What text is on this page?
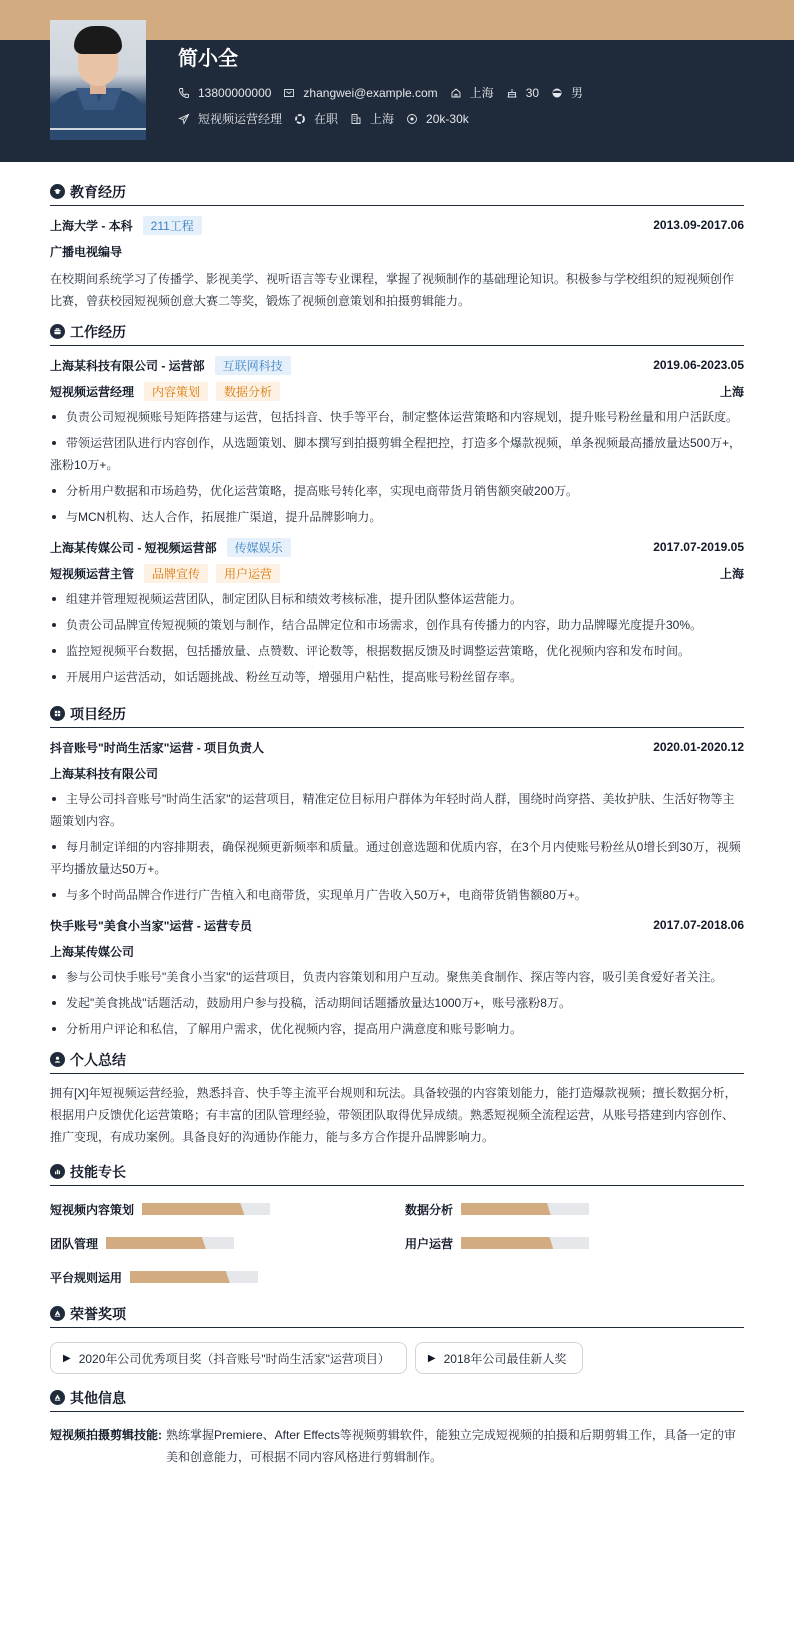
简小全
13800000000	zhangwei@example.com	上海	30	男
短视频运营经理	在职	上海	20k-30k
教育经历
上海大学 - 本科	211工程	2013.09-2017.06
广播电视编导
在校期间系统学习了传播学、影视美学、视听语言等专业课程，掌握了视频制作的基础理论知识。积极参与学校组织的短视频创作比赛，曾获校园短视频创意大赛二等奖，锻炼了视频创意策划和拍摄剪辑能力。
工作经历
上海某科技有限公司 - 运营部	互联网科技	2019.06-2023.05
短视频运营经理	内容策划	数据分析	上海
负责公司短视频账号矩阵搭建与运营，包括抖音、快手等平台，制定整体运营策略和内容规划，提升账号粉丝量和用户活跃度。
带领运营团队进行内容创作，从选题策划、脚本撰写到拍摄剪辑全程把控，打造多个爆款视频，单条视频最高播放量达500万+，涨粉10万+。
分析用户数据和市场趋势，优化运营策略，提高账号转化率，实现电商带货月销售额突破200万。
与MCN机构、达人合作，拓展推广渠道，提升品牌影响力。
上海某传媒公司 - 短视频运营部	传媒娱乐	2017.07-2019.05
短视频运营主管	品牌宣传	用户运营	上海
组建并管理短视频运营团队，制定团队目标和绩效考核标准，提升团队整体运营能力。
负责公司品牌宣传短视频的策划与制作，结合品牌定位和市场需求，创作具有传播力的内容，助力品牌曝光度提升30%。
监控短视频平台数据，包括播放量、点赞数、评论数等，根据数据反馈及时调整运营策略，优化视频内容和发布时间。
开展用户运营活动，如话题挑战、粉丝互动等，增强用户粘性，提高账号粉丝留存率。
项目经历
抖音账号"时尚生活家"运营 - 项目负责人	2020.01-2020.12
上海某科技有限公司
主导公司抖音账号"时尚生活家"的运营项目，精准定位目标用户群体为年轻时尚人群，围绕时尚穿搭、美妆护肤、生活好物等主题策划内容。
每月制定详细的内容排期表，确保视频更新频率和质量。通过创意选题和优质内容，在3个月内使账号粉丝从0增长到30万，视频平均播放量达50万+。
与多个时尚品牌合作进行广告植入和电商带货，实现单月广告收入50万+，电商带货销售额80万+。
快手账号"美食小当家"运营 - 运营专员	2017.07-2018.06
上海某传媒公司
参与公司快手账号"美食小当家"的运营项目，负责内容策划和用户互动。聚焦美食制作、探店等内容，吸引美食爱好者关注。
发起"美食挑战"话题活动，鼓励用户参与投稿，活动期间话题播放量达1000万+，账号涨粉8万。
分析用户评论和私信，了解用户需求，优化视频内容，提高用户满意度和账号影响力。
个人总结
拥有[X]年短视频运营经验，熟悉抖音、快手等主流平台规则和玩法。具备较强的内容策划能力，能打造爆款视频；擅长数据分析，根据用户反馈优化运营策略；有丰富的团队管理经验，带领团队取得优异成绩。熟悉短视频全流程运营，从账号搭建到内容创作、推广变现，有成功案例。具备良好的沟通协作能力，能与多方合作提升品牌影响力。
技能专长
短视频内容策划	数据分析
团队管理	用户运营
平台规则运用
荣誉奖项
▶ 2020年公司优秀项目奖（抖音账号"时尚生活家"运营项目）	▶ 2018年公司最佳新人奖
其他信息
短视频拍摄剪辑技能: 熟练掌握Premiere、After Effects等视频剪辑软件，能独立完成短视频的拍摄和后期剪辑工作，具备一定的审美和创意能力，可根据不同内容风格进行剪辑制作。
